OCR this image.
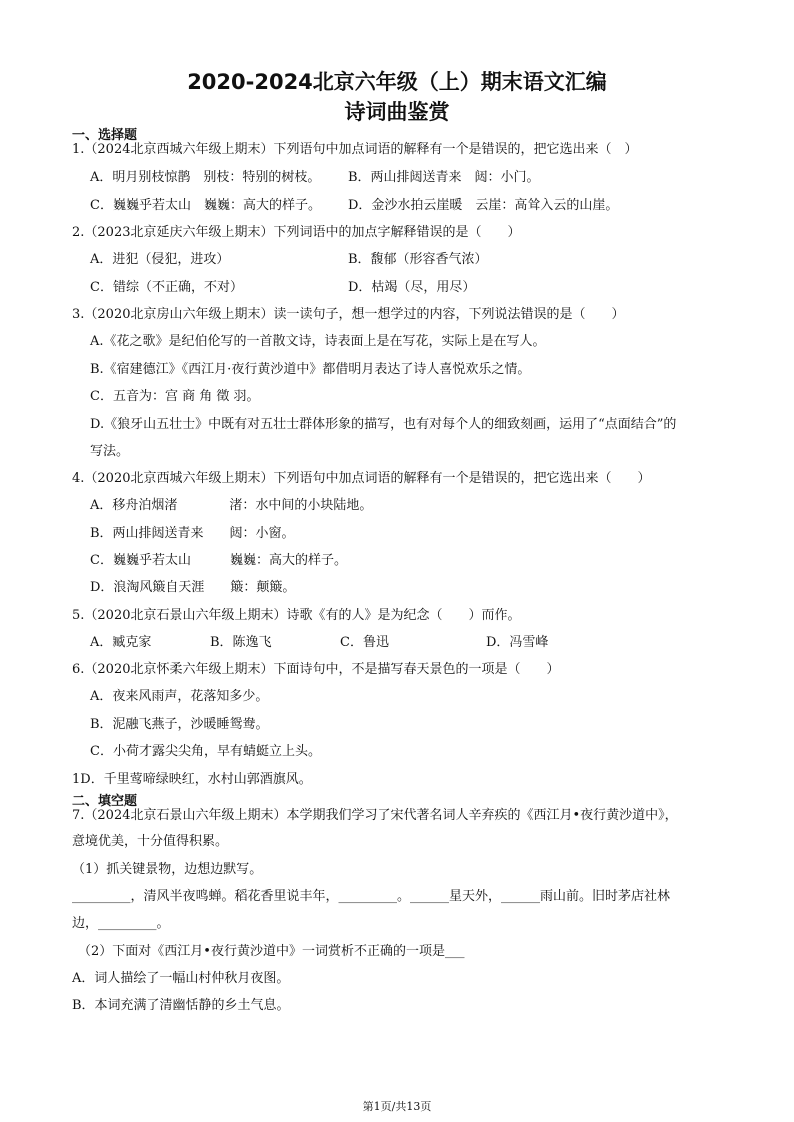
2020-2024北京六年级（上）期末语文汇编
诗词曲鉴赏
一、选择题
1.（2024北京西城六年级上期末）下列语句中加点词语的解释有一个是错误的，把它选出来（　）
A．明月别枝惊鹊　别枝：特别的树枝。 B．两山排闼送青来　闼：小门。
C．巍巍乎若太山　巍巍：高大的样子。 D．金沙水拍云崖暖　云崖：高耸入云的山崖。
2.（2023北京延庆六年级上期末）下列词语中的加点字解释错误的是（　　）
A．进犯（侵犯，进攻）	B．馥郁（形容香气浓）
C．错综（不正确，不对）	D．枯竭（尽，用尽）
3.（2020北京房山六年级上期末）读一读句子，想一想学过的内容，下列说法错误的是（　　）
A.《花之歌》是纪伯伦写的一首散文诗，诗表面上是在写花，实际上是在写人。
B.《宿建德江》《西江月·夜行黄沙道中》都借明月表达了诗人喜悦欢乐之情。
C．五音为：宫 商 角 徵 羽。
D.《狼牙山五壮士》中既有对五壮士群体形象的描写，也有对每个人的细致刻画，运用了“点面结合”的
写法。
4.（2020北京西城六年级上期末）下列语句中加点词语的解释有一个是错误的，把它选出来（　　）
A．移舟泊烟渚　　　　渚：水中间的小块陆地。
B．两山排闼送青来　　闼：小窗。
C．巍巍乎若太山　　　巍巍：高大的样子。
D．浪淘风簸自天涯　　簸：颠簸。
5.（2020北京石景山六年级上期末）诗歌《有的人》是为纪念（　　）而作。
A．臧克家	B．陈逸飞	C．鲁迅	D．冯雪峰
6.（2020北京怀柔六年级上期末）下面诗句中，不是描写春天景色的一项是（　　）
A．夜来风雨声，花落知多少。
B．泥融飞燕子，沙暖睡鸳鸯。
C．小荷才露尖尖角，早有蜻蜓立上头。
1D．千里莺啼绿映红，水村山郭酒旗风。
二、填空题
7.（2024北京石景山六年级上期末）本学期我们学习了宋代著名词人辛弃疾的《西江月•夜行黄沙道中》，
意境优美，十分值得积累。
（1）抓关键景物，边想边默写。
_________，清风半夜鸣蝉。稻花香里说丰年，_________。______星天外，______雨山前。旧时茅店社林
边，_________。
（2）下面对《西江月•夜行黄沙道中》一词赏析不正确的一项是___
A．词人描绘了一幅山村仲秋月夜图。
B．本词充满了清幽恬静的乡土气息。
第1页/共13页
